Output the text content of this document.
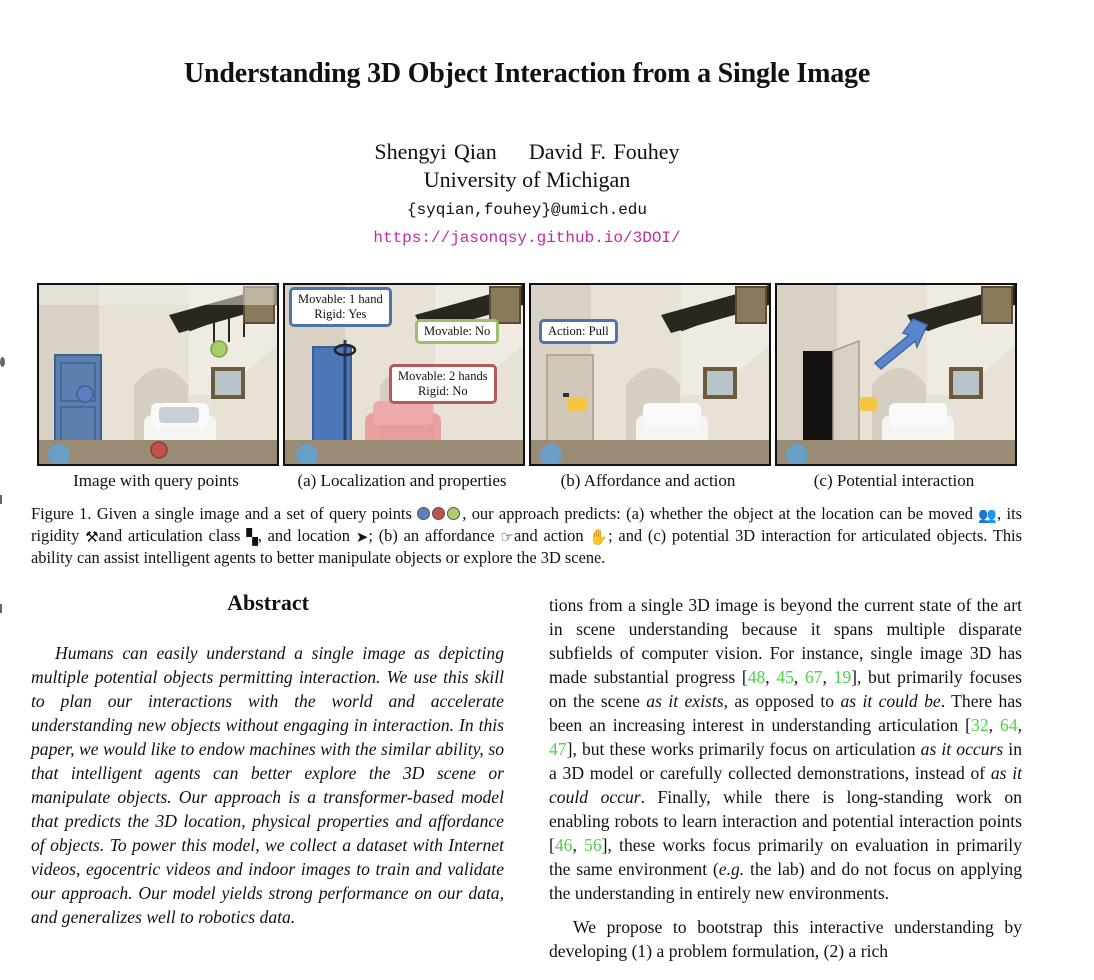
Understanding 3D Object Interaction from a Single Image
Shengyi Qian David F. Fouhey
University of Michigan
{syqian,fouhey}@umich.edu
https://jasonqsy.github.io/3DOI/
Movable: 1 hand
Rigid: Yes
Movable: No
Movable: 2 hands
Rigid: No
Action: Pull
Image with query points	(a) Localization and properties	(b) Affordance and action	(c) Potential interaction
Figure 1. Given a single image and a set of query points	, our approach predicts: (a) whether the object at the location can be moved 👥, its rigidity ⚒and articulation class ▚, and location ➤; (b) an affordance ☞and action ✋; and (c) potential 3D interaction for articulated objects. This ability can assist intelligent agents to better manipulate objects or explore the 3D scene.
Abstract
Humans can easily understand a single image as depicting multiple potential objects permitting interaction. We use this skill to plan our interactions with the world and accelerate understanding new objects without engaging in interaction. In this paper, we would like to endow machines with the similar ability, so that intelligent agents can better explore the 3D scene or manipulate objects. Our approach is a transformer-based model that predicts the 3D location, physical properties and affordance of objects. To power this model, we collect a dataset with Internet videos, egocentric videos and indoor images to train and validate our approach. Our model yields strong performance on our data, and generalizes well to robotics data.

tions from a single 3D image is beyond the current state of the art in scene understanding because it spans multiple disparate subfields of computer vision. For instance, single image 3D has made substantial progress [48, 45, 67, 19], but primarily focuses on the scene as it exists, as opposed to as it could be. There has been an increasing interest in understanding articulation [32, 64, 47], but these works primarily focus on articulation as it occurs in a 3D model or carefully collected demonstrations, instead of as it could occur. Finally, while there is long-standing work on enabling robots to learn interaction and potential interaction points [46, 56], these works focus primarily on evaluation in primarily the same environment (e.g. the lab) and do not focus on applying the understanding in entirely new environments.

We propose to bootstrap this interactive understanding by developing (1) a problem formulation, (2) a rich
